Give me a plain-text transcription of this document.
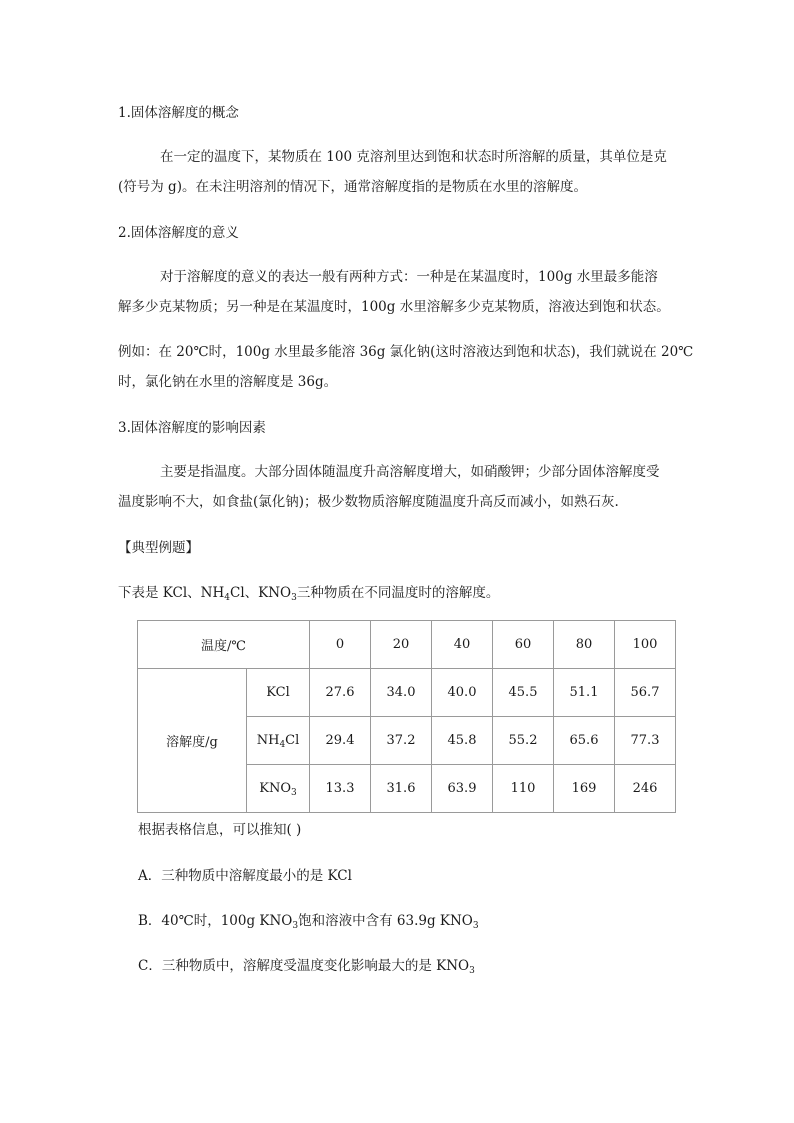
1.固体溶解度的概念
在一定的温度下，某物质在 100 克溶剂里达到饱和状态时所溶解的质量，其单位是克
(符号为 g)。在未注明溶剂的情况下，通常溶解度指的是物质在水里的溶解度。
2.固体溶解度的意义
对于溶解度的意义的表达一般有两种方式：一种是在某温度时，100g 水里最多能溶
解多少克某物质；另一种是在某温度时，100g 水里溶解多少克某物质，溶液达到饱和状态。
例如：在 20℃时，100g 水里最多能溶 36g 氯化钠(这时溶液达到饱和状态)，我们就说在 20℃
时，氯化钠在水里的溶解度是 36g。
3.固体溶解度的影响因素
主要是指温度。大部分固体随温度升高溶解度增大，如硝酸钾；少部分固体溶解度受
温度影响不大，如食盐(氯化钠)；极少数物质溶解度随温度升高反而减小，如熟石灰.
【典型例题】
下表是 KCl、$NH_4Cl$、$KNO_3$三种物质在不同温度时的溶解度。
温度/℃		0	20	40	60	80	100
溶解度/g	KCl	27.6	34.0	40.0	45.5	51.1	56.7
	$NH_4Cl$	29.4	37.2	45.8	55.2	65.6	77.3
	$KNO_3$	13.3	31.6	63.9	110	169	246
根据表格信息，可以推知( )
A．三种物质中溶解度最小的是 KCl
B．40℃时，100g $KNO_3$饱和溶液中含有 63.9g $KNO_3$
C．三种物质中，溶解度受温度变化影响最大的是 $KNO_3$
